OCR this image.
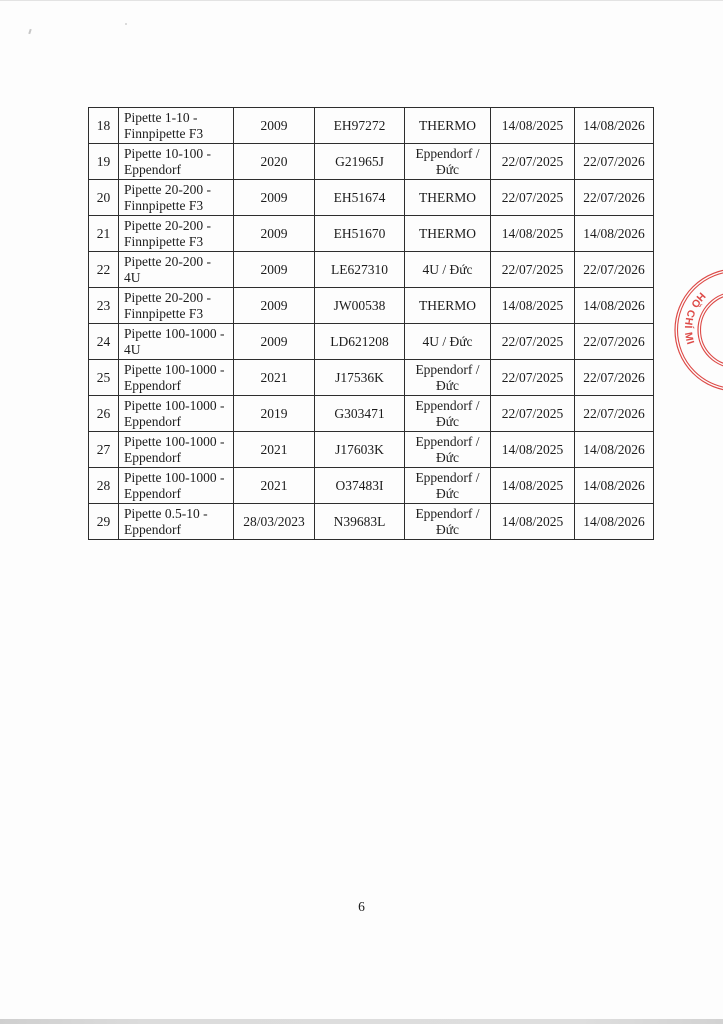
18	Pipette 1-10 - Finnpipette F3	2009	EH97272	THERMO	14/08/2025	14/08/2026
19	Pipette 10-100 - Eppendorf	2020	G21965J	Eppendorf / Đức	22/07/2025	22/07/2026
20	Pipette 20-200 - Finnpipette F3	2009	EH51674	THERMO	22/07/2025	22/07/2026
21	Pipette 20-200 - Finnpipette F3	2009	EH51670	THERMO	14/08/2025	14/08/2026
22	Pipette 20-200 - 4U	2009	LE627310	4U / Đức	22/07/2025	22/07/2026
23	Pipette 20-200 - Finnpipette F3	2009	JW00538	THERMO	14/08/2025	14/08/2026
24	Pipette 100-1000 - 4U	2009	LD621208	4U / Đức	22/07/2025	22/07/2026
25	Pipette 100-1000 - Eppendorf	2021	J17536K	Eppendorf / Đức	22/07/2025	22/07/2026
26	Pipette 100-1000 - Eppendorf	2019	G303471	Eppendorf / Đức	22/07/2025	22/07/2026
27	Pipette 100-1000 - Eppendorf	2021	J17603K	Eppendorf / Đức	14/08/2025	14/08/2026
28	Pipette 100-1000 - Eppendorf	2021	O37483I	Eppendorf / Đức	14/08/2025	14/08/2026
29	Pipette 0.5-10 - Eppendorf	28/03/2023	N39683L	Eppendorf / Đức	14/08/2025	14/08/2026
HỒ CHÍ MI
6
